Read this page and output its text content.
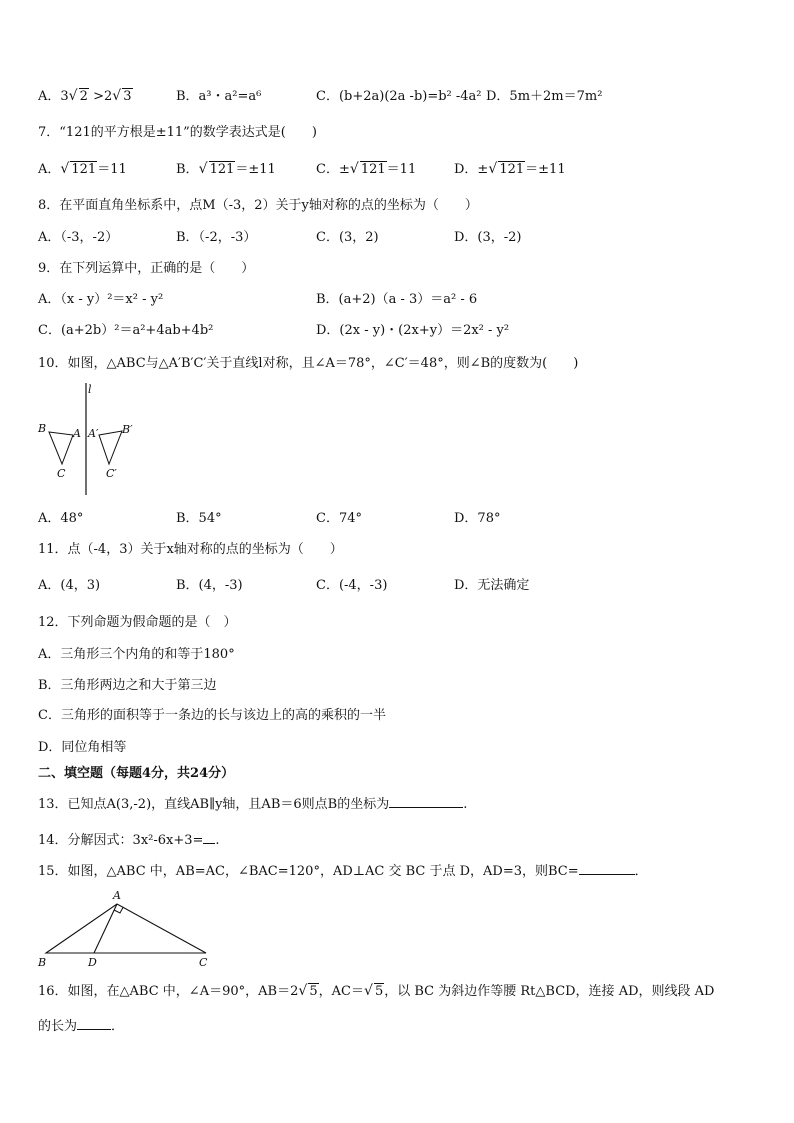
A．3 √ 2 >2 √ 3	B．a³・a²=a⁶	C．(b+2a)(2a -b)=b² -4a² D．5m＋2m＝7m²
7．“121的平方根是±11”的数学表达式是(　　)
A． √ 121＝11	B． √ 121＝±11	C．± √ 121＝11	D．± √ 121＝±11
8．在平面直角坐标系中，点M（-3，2）关于y轴对称的点的坐标为（　　）
A．（-3，-2）	B．（-2，-3）	C．(3，2)	D．(3，-2)
9．在下列运算中，正确的是（　　）
A．（x - y）²＝x² - y²	B．(a+2)（a - 3）＝a² - 6
C．(a+2b）²＝a²+4ab+4b²	D．(2x - y)・(2x+y）＝2x² - y²
10．如图，△ABC与△A′B′C′关于直线l对称，且∠A＝78°，∠C′＝48°，则∠B的度数为(　　)
l
B A
C
A′ B′
C′
A．48°	B．54°	C．74°	D．78°
11．点（-4，3）关于x轴对称的点的坐标为（　　）
A．(4，3)	B．(4，-3)	C．(-4，-3)	D．无法确定
12．下列命题为假命题的是（　）
A．三角形三个内角的和等于180°
B．三角形两边之和大于第三边
C．三角形的面积等于一条边的长与该边上的高的乘积的一半
D．同位角相等
二、填空题（每题4分，共24分）
13．已知点A(3,-2)，直线AB∥y轴，且AB＝6则点B的坐标为	.
14．分解因式：3x²-6x+3= .
15．如图，△ABC 中，AB=AC，∠BAC=120°，AD⊥AC 交 BC 于点 D，AD=3，则BC=	．
A
B	D	C
16．如图，在△ABC 中，∠A＝90°，AB＝2 √ 5，AC＝ √ 5，以 BC 为斜边作等腰 Rt△BCD，连接 AD，则线段 AD
的长为	．
